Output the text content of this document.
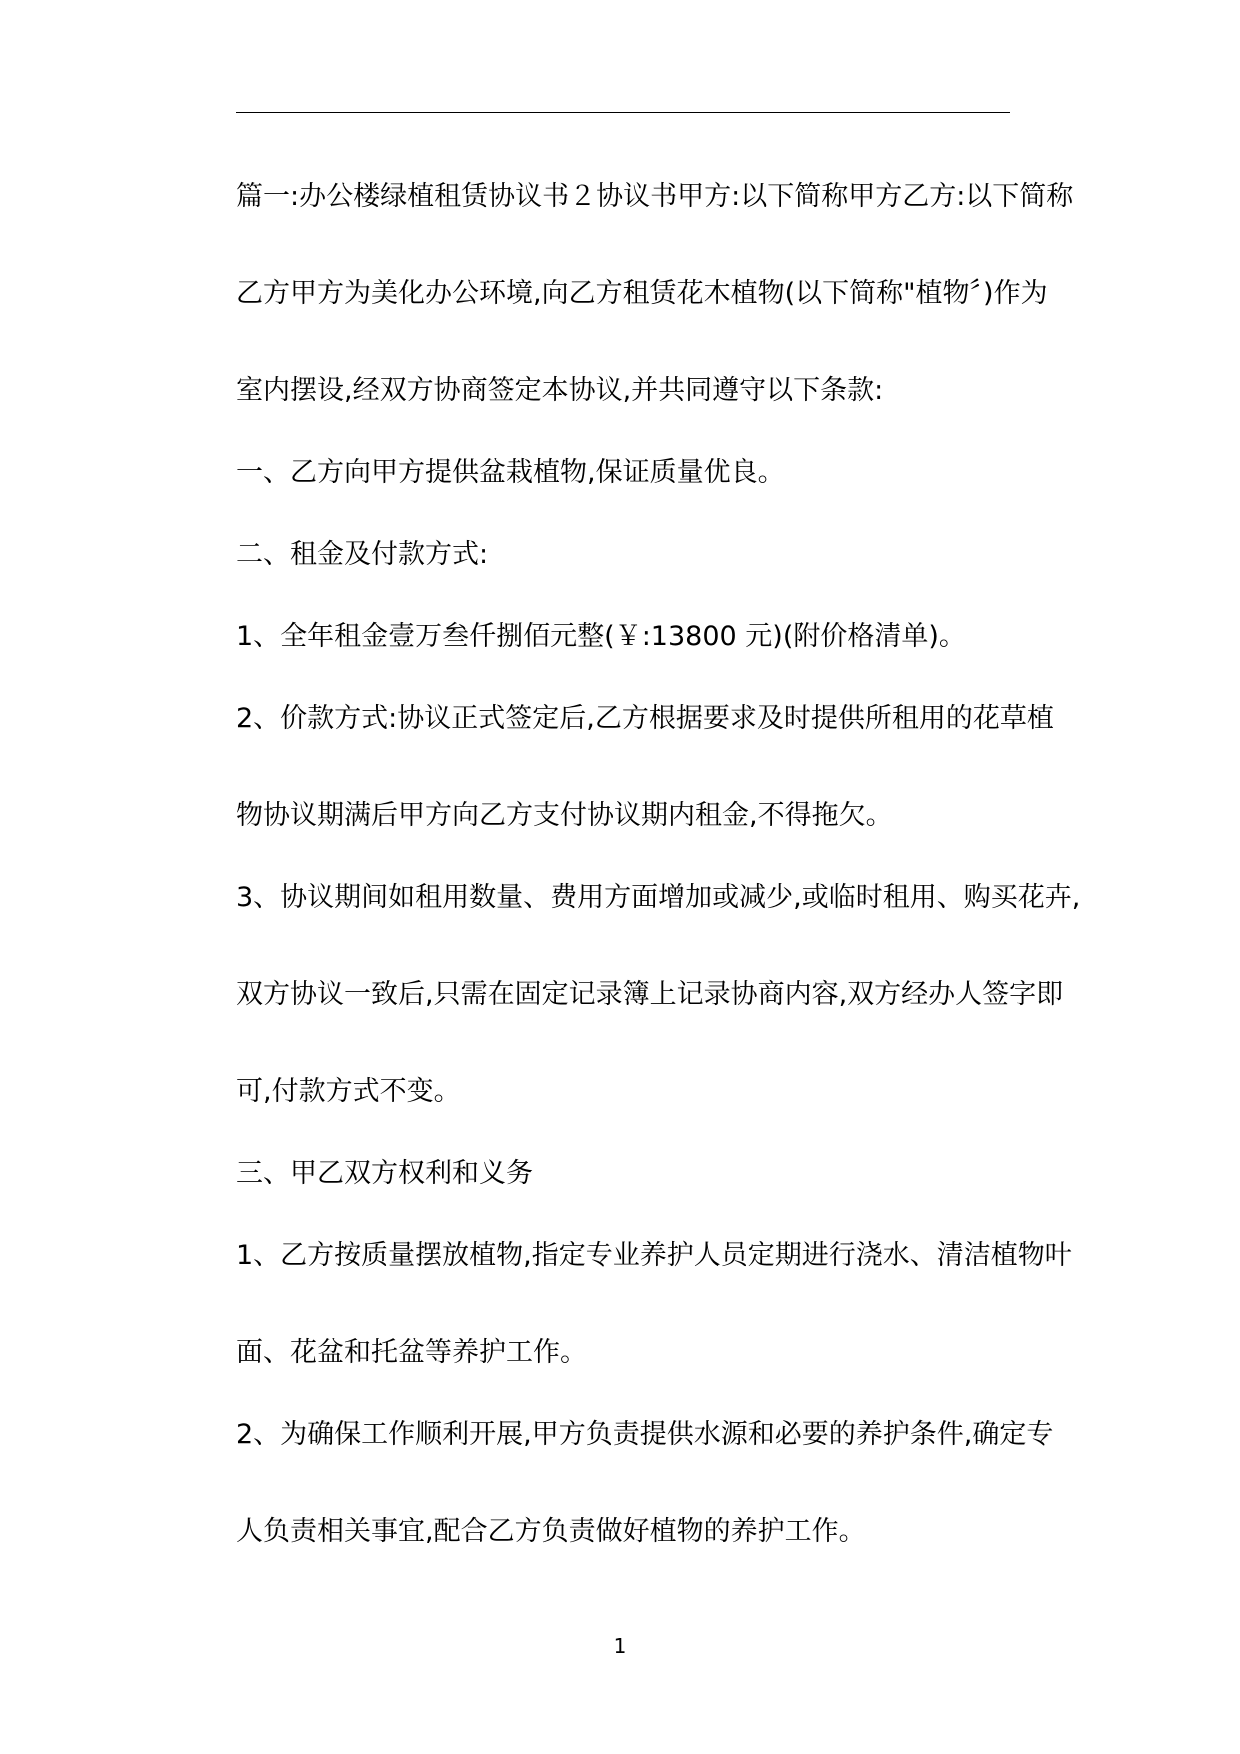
篇一:办公楼绿植租赁协议书２协议书甲方:以下简称甲方乙方:以下简称
乙方甲方为美化办公环境,向乙方租赁花木植物(以下简称"植物〞)作为
室内摆设,经双方协商签定本协议,并共同遵守以下条款:
一、乙方向甲方提供盆栽植物,保证质量优良。
二、租金及付款方式:
1、全年租金壹万叁仟捌佰元整(￥:13800 元)(附价格清单)。
2、价款方式:协议正式签定后,乙方根据要求及时提供所租用的花草植
物协议期满后甲方向乙方支付协议期内租金,不得拖欠。
3、协议期间如租用数量、费用方面增加或减少,或临时租用、购买花卉,
双方协议一致后,只需在固定记录簿上记录协商内容,双方经办人签字即
可,付款方式不变。
三、甲乙双方权利和义务
1、乙方按质量摆放植物,指定专业养护人员定期进行浇水、清洁植物叶
面、花盆和托盆等养护工作。
2、为确保工作顺利开展,甲方负责提供水源和必要的养护条件,确定专
人负责相关事宜,配合乙方负责做好植物的养护工作。
1
